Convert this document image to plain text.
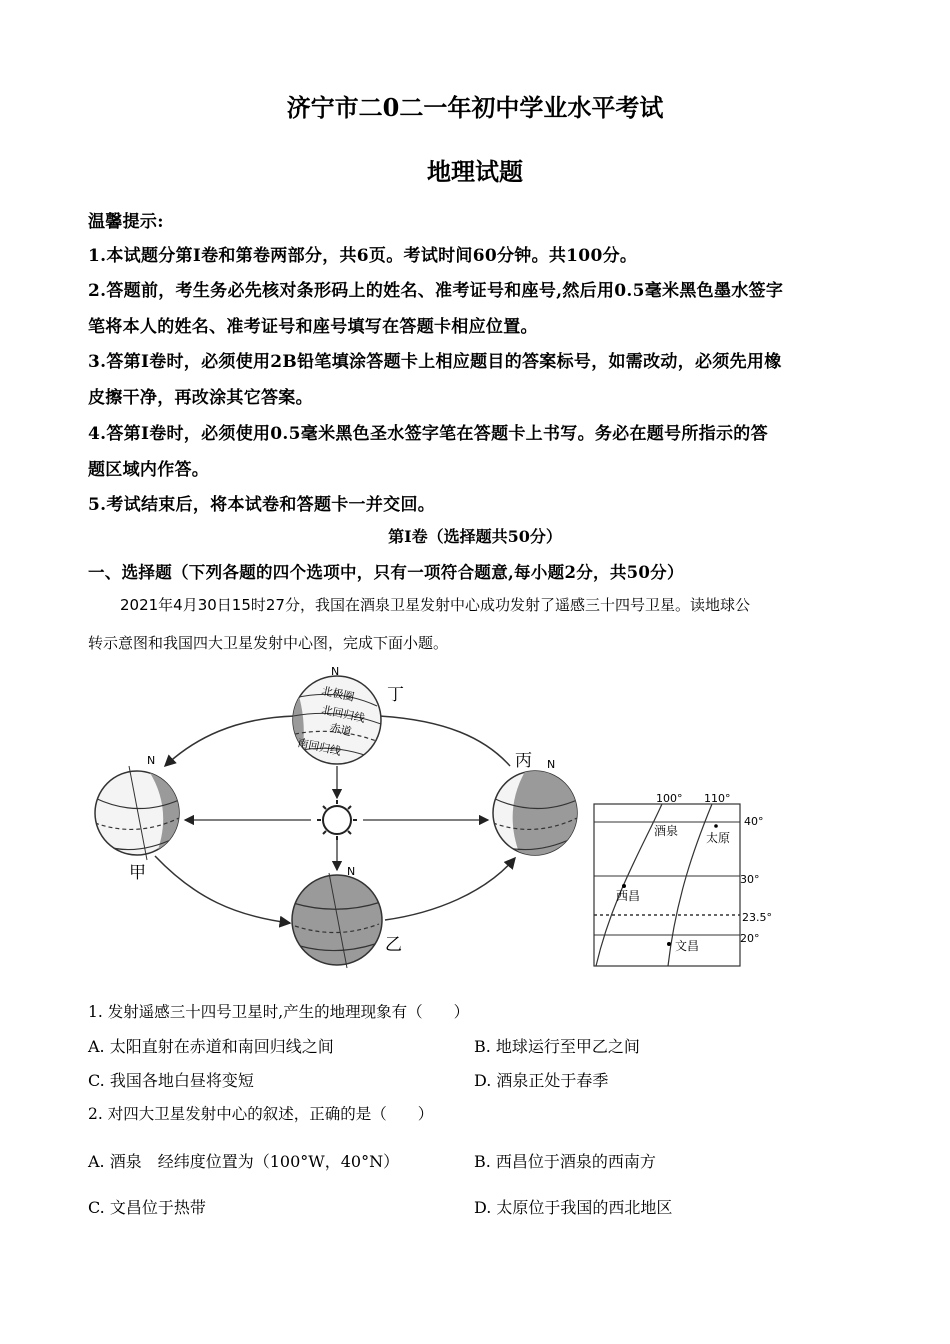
济宁市二0二一年初中学业水平考试
地理试题
温馨提示:
1.本试题分第Ⅰ卷和第卷两部分，共6页。考试时间60分钟。共100分。
2.答题前，考生务必先核对条形码上的姓名、准考证号和座号,然后用0.5毫米黑色墨水签字
笔将本人的姓名、准考证号和座号填写在答题卡相应位置。
3.答第Ⅰ卷时，必须使用2B铅笔填涂答题卡上相应题目的答案标号，如需改动，必须先用橡
皮擦干净，再改涂其它答案。
4.答第Ⅰ卷时，必须使用0.5毫米黑色圣水签字笔在答题卡上书写。务必在题号所指示的答
题区域内作答。
5.考试结束后，将本试卷和答题卡一并交回。
第Ⅰ卷（选择题共50分）
一、选择题（下列各题的四个选项中，只有一项符合题意,每小题2分，共50分）
2021年4月30日15时27分，我国在酒泉卫星发射中心成功发射了遥感三十四号卫星。读地球公
转示意图和我国四大卫星发射中心图，完成下面小题。
N
甲
N
丙
N
北极圈
北回归线
赤道
南回归线
丁
N
乙
100° 110°
40°
30°
23.5°
20°
酒泉 太原
西昌
文昌
1. 发射遥感三十四号卫星时,产生的地理现象有（　　）
A. 太阳直射在赤道和南回归线之间	B. 地球运行至甲乙之间
C. 我国各地白昼将变短	D. 酒泉正处于春季
2. 对四大卫星发射中心的叙述，正确的是（　　）
A. 酒泉　经纬度位置为（100°W，40°N）	B. 西昌位于酒泉的西南方
C. 文昌位于热带	D. 太原位于我国的西北地区
